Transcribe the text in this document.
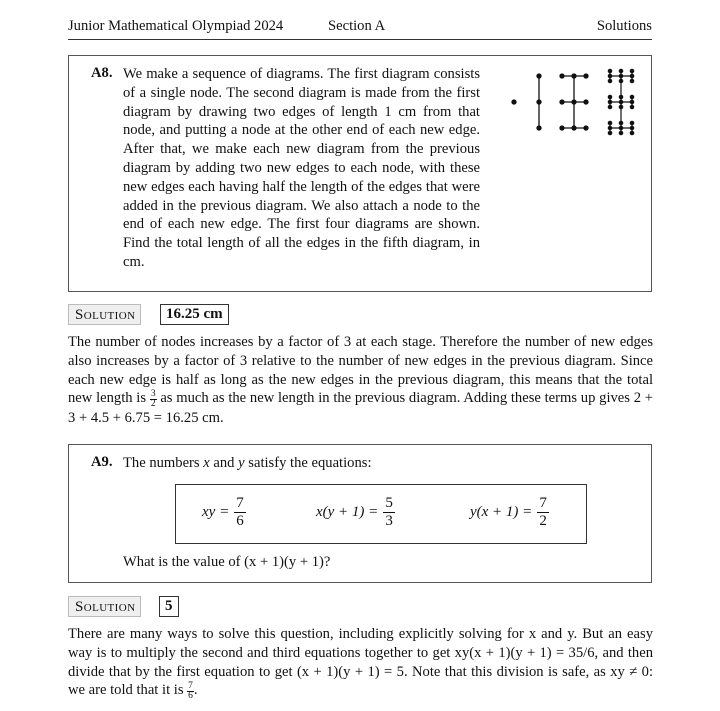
Junior Mathematical Olympiad 2024	Section A	Solutions
A8. We make a sequence of diagrams. The first diagram consists of a single node. The second diagram is made from the first diagram by drawing two edges of length 1 cm from that node, and putting a node at the other end of each new edge. After that, we make each new diagram from the previous diagram by adding two new edges to each node, with these new edges each having half the length of the edges that were added in the previous diagram. We also attach a node to the end of each new edge. The first four diagrams are shown. Find the total length of all the edges in the fifth diagram, in cm.
Solution	16.25 cm
The number of nodes increases by a factor of 3 at each stage. Therefore the number of new edges also increases by a factor of 3 relative to the number of new edges in the previous diagram. Since each new edge is half as long as the new edges in the previous diagram, this means that the total new length is $\frac{3}{2}$ as much as the new length in the previous diagram. Adding these terms up gives 2 + 3 + 4.5 + 6.75 = 16.25 cm.
A9. The numbers x and y satisfy the equations:
xy = $\frac{7}{6}$	$x(y + 1) = \frac{5}{3}$	$y(x + 1) = \frac{7}{2}$
What is the value of (x + 1)(y + 1)?
Solution	5
There are many ways to solve this question, including explicitly solving for x and y. But an easy way is to multiply the second and third equations together to get xy(x + 1)(y + 1) = 35/6, and then divide that by the first equation to get (x + 1)(y + 1) = 5. Note that this division is safe, as xy ≠ 0: we are told that it is $\frac{7}{6}$ .
